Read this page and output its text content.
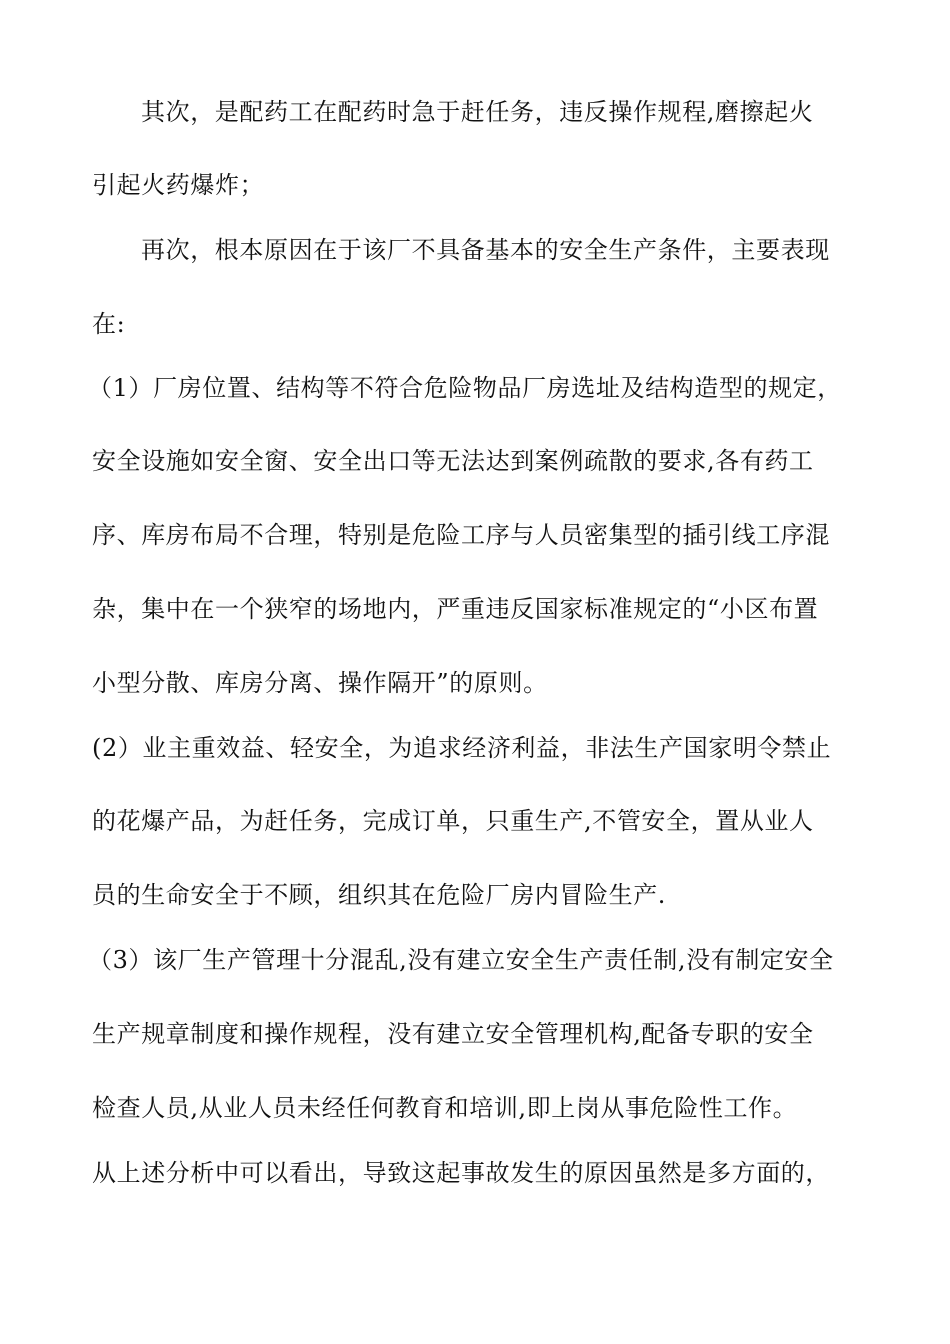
其次，是配药工在配药时急于赶任务，违反操作规程,磨擦起火
引起火药爆炸；
再次，根本原因在于该厂不具备基本的安全生产条件，主要表现
在:
（1）厂房位置、结构等不符合危险物品厂房选址及结构造型的规定，
安全设施如安全窗、安全出口等无法达到案例疏散的要求,各有药工
序、库房布局不合理，特别是危险工序与人员密集型的插引线工序混
杂，集中在一个狭窄的场地内，严重违反国家标准规定的“小区布置
小型分散、库房分离、操作隔开”的原则。
(2）业主重效益、轻安全，为追求经济利益，非法生产国家明令禁止
的花爆产品，为赶任务，完成订单，只重生产,不管安全，置从业人
员的生命安全于不顾，组织其在危险厂房内冒险生产.
（3）该厂生产管理十分混乱,没有建立安全生产责任制,没有制定安全
生产规章制度和操作规程，没有建立安全管理机构,配备专职的安全
检查人员,从业人员未经任何教育和培训,即上岗从事危险性工作。
从上述分析中可以看出，导致这起事故发生的原因虽然是多方面的，
